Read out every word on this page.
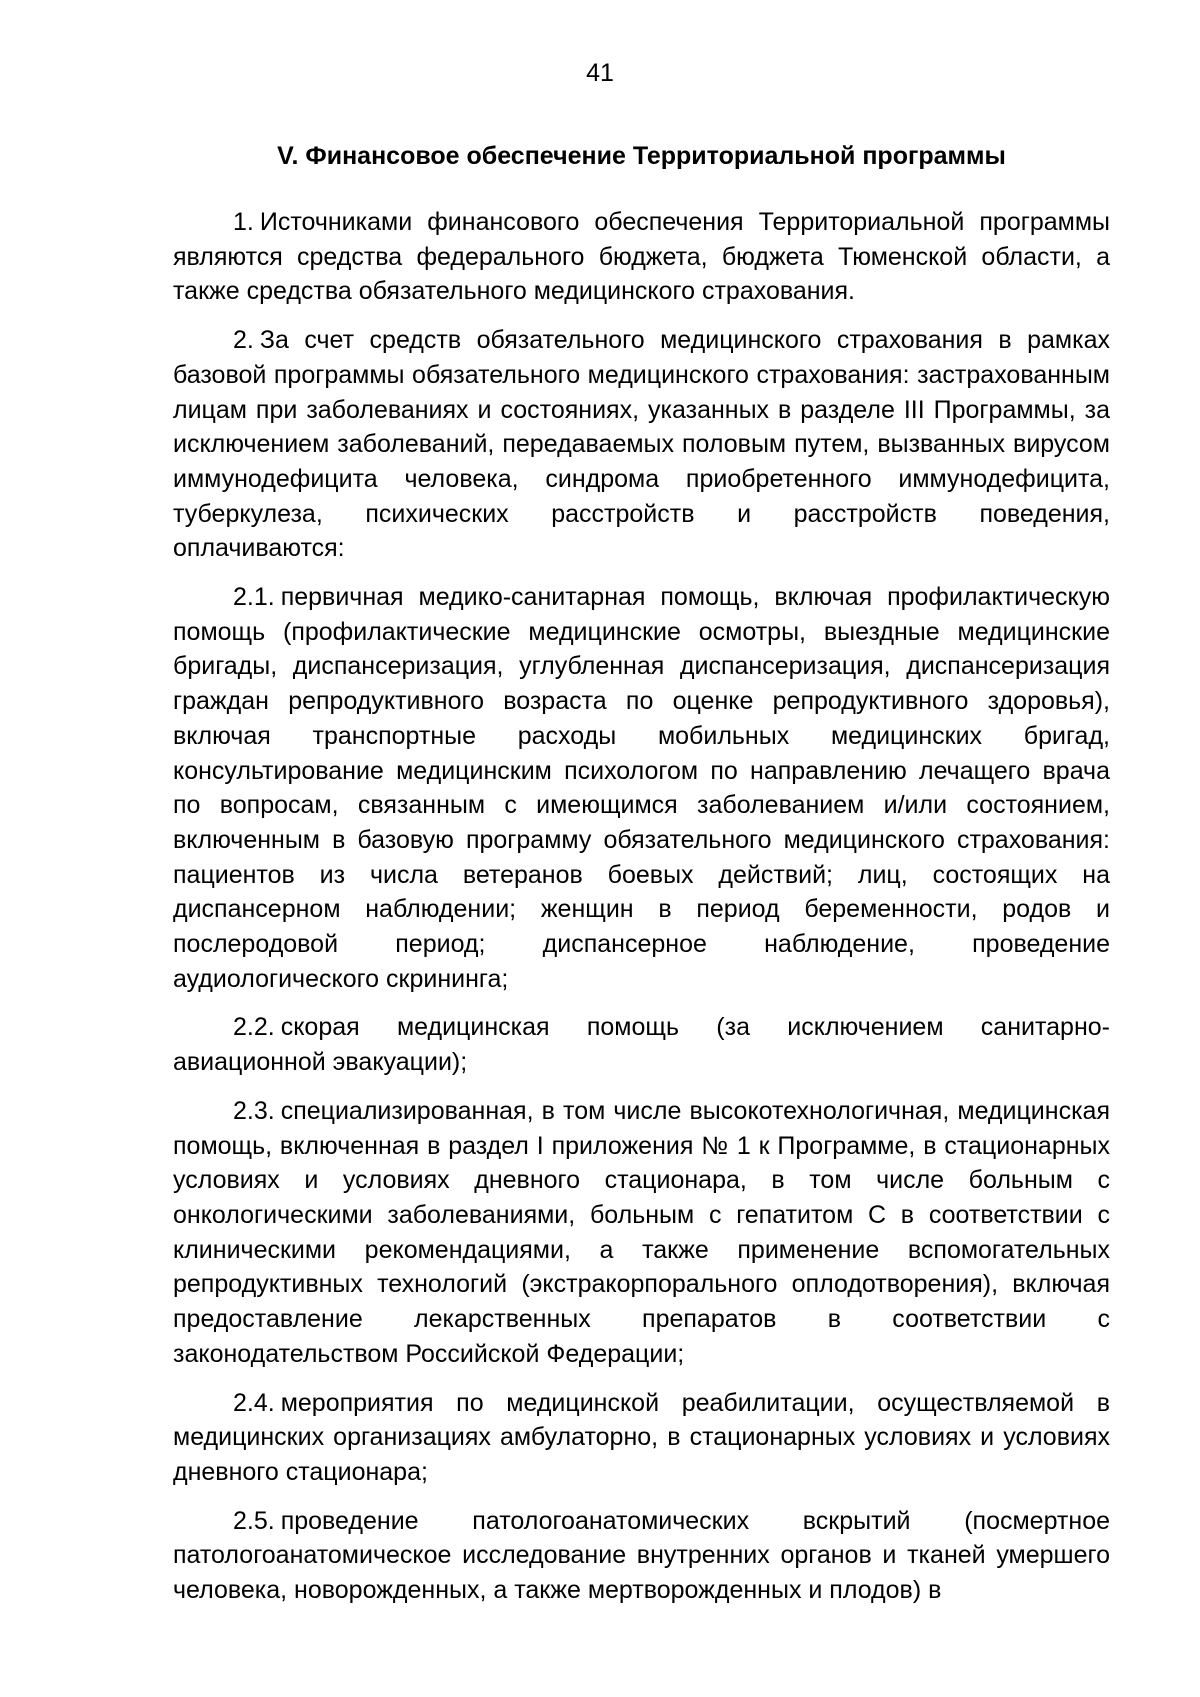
41
V. Финансовое обеспечение Территориальной программы

1. Источниками финансового обеспечения Территориальной программы являются средства федерального бюджета, бюджета Тюменской области, а также средства обязательного медицинского страхования.

2. За счет средств обязательного медицинского страхования в рамках базовой программы обязательного медицинского страхования: застрахованным лицам при заболеваниях и состояниях, указанных в разделе III Программы, за исключением заболеваний, передаваемых половым путем, вызванных вирусом иммунодефицита человека, синдрома приобретенного иммунодефицита, туберкулеза, психических расстройств и расстройств поведения, оплачиваются:

2.1. первичная медико-санитарная помощь, включая профилактическую помощь (профилактические медицинские осмотры, выездные медицинские бригады, диспансеризация, углубленная диспансеризация, диспансеризация граждан репродуктивного возраста по оценке репродуктивного здоровья), включая транспортные расходы мобильных медицинских бригад, консультирование медицинским психологом по направлению лечащего врача по вопросам, связанным с имеющимся заболеванием и/или состоянием, включенным в базовую программу обязательного медицинского страхования: пациентов из числа ветеранов боевых действий; лиц, состоящих на диспансерном наблюдении; женщин в период беременности, родов и послеродовой период; диспансерное наблюдение, проведение аудиологического скрининга;

2.2. скорая медицинская помощь (за исключением санитарно-авиационной эвакуации);

2.3. специализированная, в том числе высокотехнологичная, медицинская помощь, включенная в раздел I приложения № 1 к Программе, в стационарных условиях и условиях дневного стационара, в том числе больным с онкологическими заболеваниями, больным с гепатитом С в соответствии с клиническими рекомендациями, а также применение вспомогательных репродуктивных технологий (экстракорпорального оплодотворения), включая предоставление лекарственных препаратов в соответствии с законодательством Российской Федерации;

2.4. мероприятия по медицинской реабилитации, осуществляемой в медицинских организациях амбулаторно, в стационарных условиях и условиях дневного стационара;

2.5. проведение патологоанатомических вскрытий (посмертное патологоанатомическое исследование внутренних органов и тканей умершего человека, новорожденных, а также мертворожденных и плодов) в
